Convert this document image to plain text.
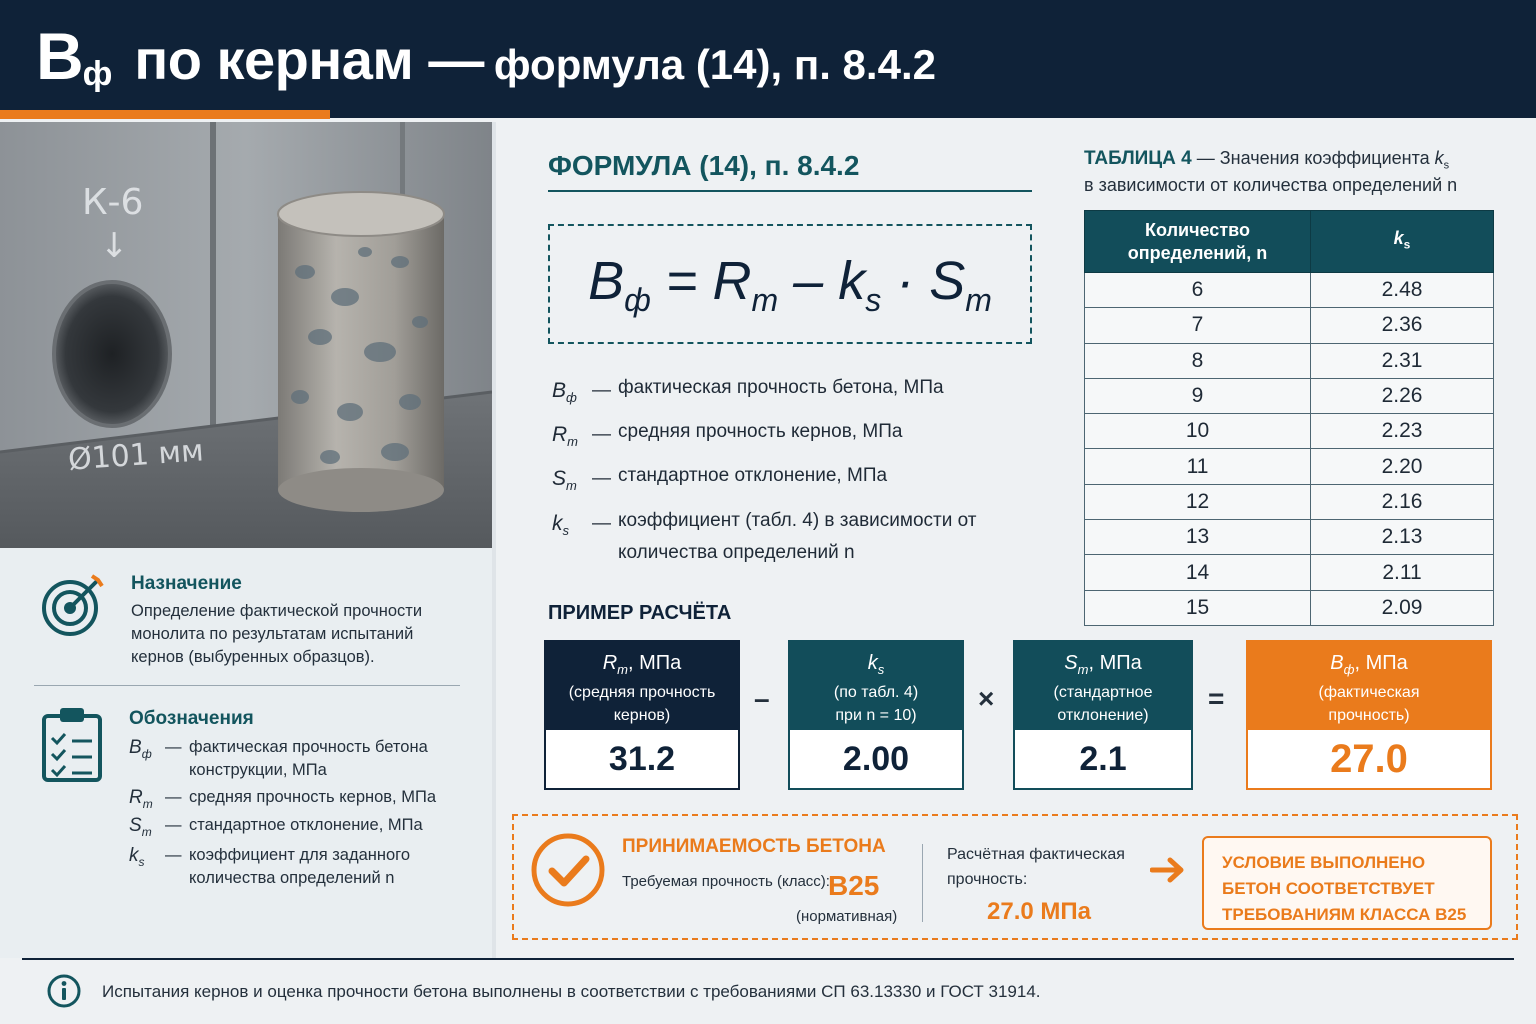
B ф по кернам — формула (14), п. 8.4.2
К-6
↓
Ø101 мм
Назначение
Определение фактической прочности монолита по результатам испытаний кернов (выбуренных образцов).
Обозначения
$B_ф$ — фактическая прочность бетона конструкции, МПа
$R_m$ — средняя прочность кернов, МПа
$S_m$ — стандартное отклонение, МПа
$k_s$	— коэффициент для заданного количества определений n
ФОРМУЛА (14), п. 8.4.2
$B_ф = R_m - k_s \cdot S_m$
$B_ф$ — фактическая прочность бетона, МПа
$R_m$ — средняя прочность кернов, МПа
$S_m$ — стандартное отклонение, МПа
$k_s$	— коэффициент (табл. 4) в зависимости от количества определений n
ТАБЛИЦА 4 — Значения коэффициента $k_s$
в зависимости от количества определений n
Количество
определений, n	$k_s$
6	2.48
7	2.36
8	2.31
9	2.26
10	2.23
11	2.20
12	2.16
13	2.13
14	2.11
15	2.09
ПРИМЕР РАСЧЁТА
$R_m$, МПа
(средняя прочность
кернов)
31.2
–
$k_s$
(по табл. 4)
при n = 10)
2.00
×
$S_m$, МПа
(стандартное
отклонение)
2.1
=
$B_ф$, МПа
(фактическая
прочность)
27.0
ПРИНИМАЕМОСТЬ БЕТОНА
Требуемая прочность (класс):
B25
(нормативная)
Расчётная фактическая
прочность:
27.0 МПа
УСЛОВИЕ ВЫПОЛНЕНО
БЕТОН СООТВЕТСТВУЕТ
ТРЕБОВАНИЯМ КЛАССА B25
Испытания кернов и оценка прочности бетона выполнены в соответствии с требованиями СП 63.13330 и ГОСТ 31914.
